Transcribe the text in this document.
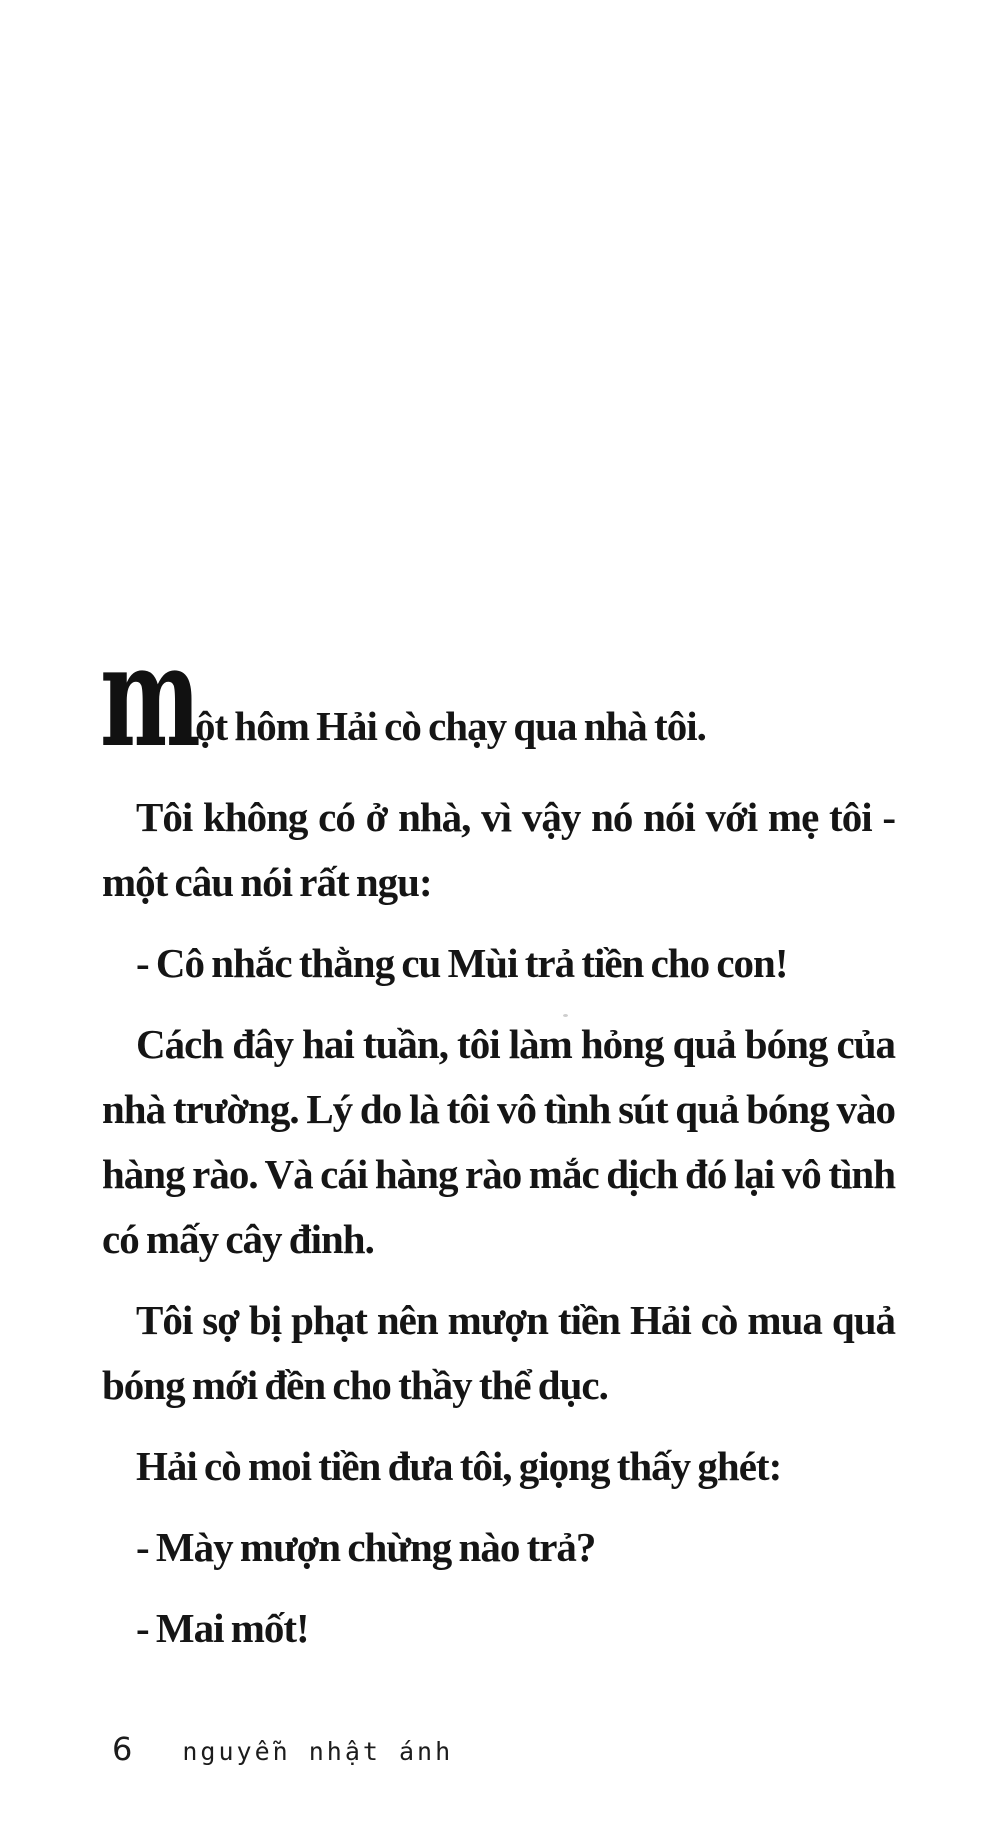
m
ột hôm Hải cò chạy qua nhà tôi.
Tôi không có ở nhà, vì vậy nó nói với mẹ tôi -
một câu nói rất ngu:
- Cô nhắc thằng cu Mùi trả tiền cho con!
Cách đây hai tuần, tôi làm hỏng quả bóng của
nhà trường. Lý do là tôi vô tình sút quả bóng vào
hàng rào. Và cái hàng rào mắc dịch đó lại vô tình
có mấy cây đinh.
Tôi sợ bị phạt nên mượn tiền Hải cò mua quả
bóng mới đền cho thầy thể dục.
Hải cò moi tiền đưa tôi, giọng thấy ghét:
- Mày mượn chừng nào trả?
- Mai mốt!
6 nguyễn nhật ánh
